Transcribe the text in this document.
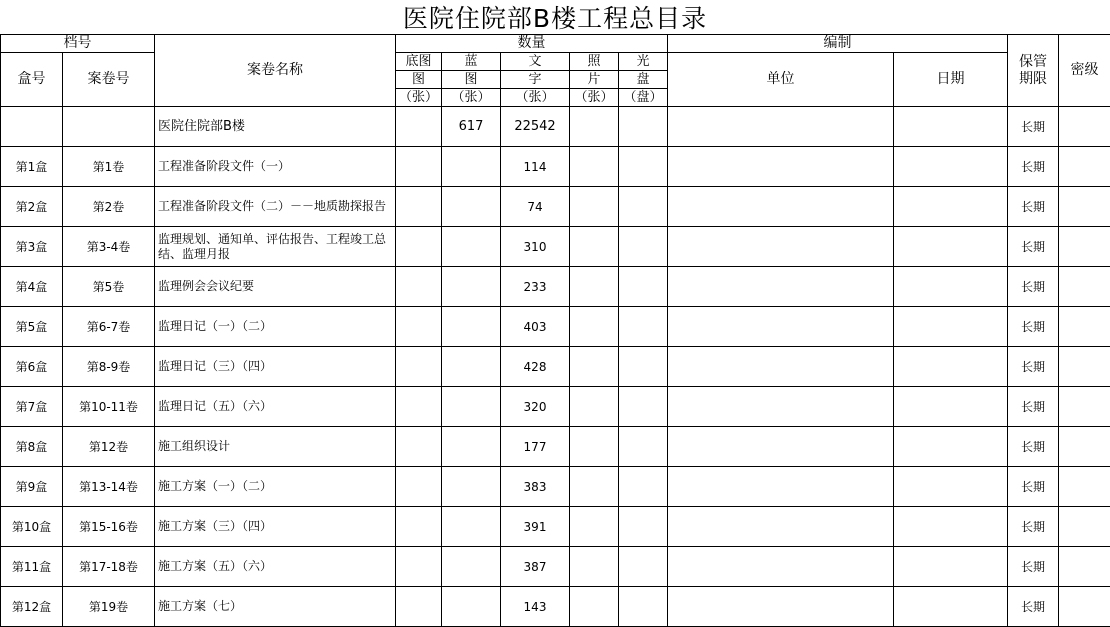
医院住院部B楼工程总目录
档号		案卷名称	数量					编制		保管期限	密级
盒号	案卷号		底图	蓝	文	照	光	单位	日期		
			图	图	字	片	盘				
			（张）	（张）	（张）	（张）	（盘）				
		医院住院部B楼		617	22542					长期	
第1盒	第1卷	工程准备阶段文件（一）			114					长期	
第2盒	第2卷	工程准备阶段文件（二）－－地质勘探报告			74					长期	
第3盒	第3-4卷	监理规划、通知单、评估报告、工程竣工总结、监理月报			310					长期	
第4盒	第5卷	监理例会会议纪要			233					长期	
第5盒	第6-7卷	监理日记（一）（二）			403					长期	
第6盒	第8-9卷	监理日记（三）（四）			428					长期	
第7盒	第10-11卷	监理日记（五）（六）			320					长期	
第8盒	第12卷	施工组织设计			177					长期	
第9盒	第13-14卷	施工方案（一）（二）			383					长期	
第10盒	第15-16卷	施工方案（三）（四）			391					长期	
第11盒	第17-18卷	施工方案（五）（六）			387					长期	
第12盒	第19卷	施工方案（七）			143					长期	
